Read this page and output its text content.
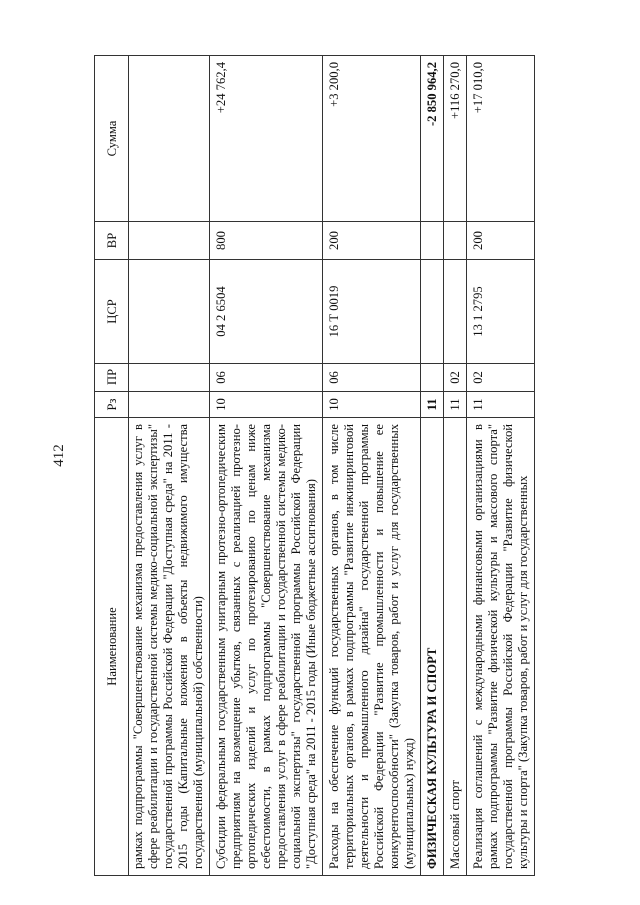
412
Наименование	Рз	ПР	ЦСР	ВР	Сумма
рамках подпрограммы "Совершенствование механизма предоставления услуг в сфере реабилитации и государственной системы медико-социальной экспертизы" государственной программы Российской Федерации "Доступная среда" на 2011 - 2015 годы (Капитальные вложения в объекты недвижимого имущества государственной (муниципальной) собственности)					
Субсидии федеральным государственным унитарным протезно-ортопедическим предприятиям на возмещение убытков, связанных с реализацией протезно-ортопедических изделий и услуг по протезированию по ценам ниже себестоимости, в рамках подпрограммы "Совершенствование механизма предоставления услуг в сфере реабилитации и государственной системы медико-социальной экспертизы" государственной программы Российской Федерации "Доступная среда" на 2011 - 2015 годы (Иные бюджетные ассигнования)	10	06	04 2 6504	800	+24 762,4
Расходы на обеспечение функций государственных органов, в том числе территориальных органов, в рамках подпрограммы "Развитие инжиниринговой деятельности и промышленного дизайна" государственной программы Российской Федерации "Развитие промышленности и повышение ее конкурентоспособности" (Закупка товаров, работ и услуг для государственных (муниципальных) нужд)	10	06	16 Т 0019	200	+3 200,0
ФИЗИЧЕСКАЯ КУЛЬТУРА И СПОРТ	11				-2 850 964,2
Массовый спорт	11	02			+116 270,0
Реализация соглашений с международными финансовыми организациями в рамках подпрограммы "Развитие физической культуры и массового спорта" государственной программы Российской Федерации "Развитие физической культуры и спорта" (Закупка товаров, работ и услуг для государственных	11	02	13 1 2795	200	+17 010,0
